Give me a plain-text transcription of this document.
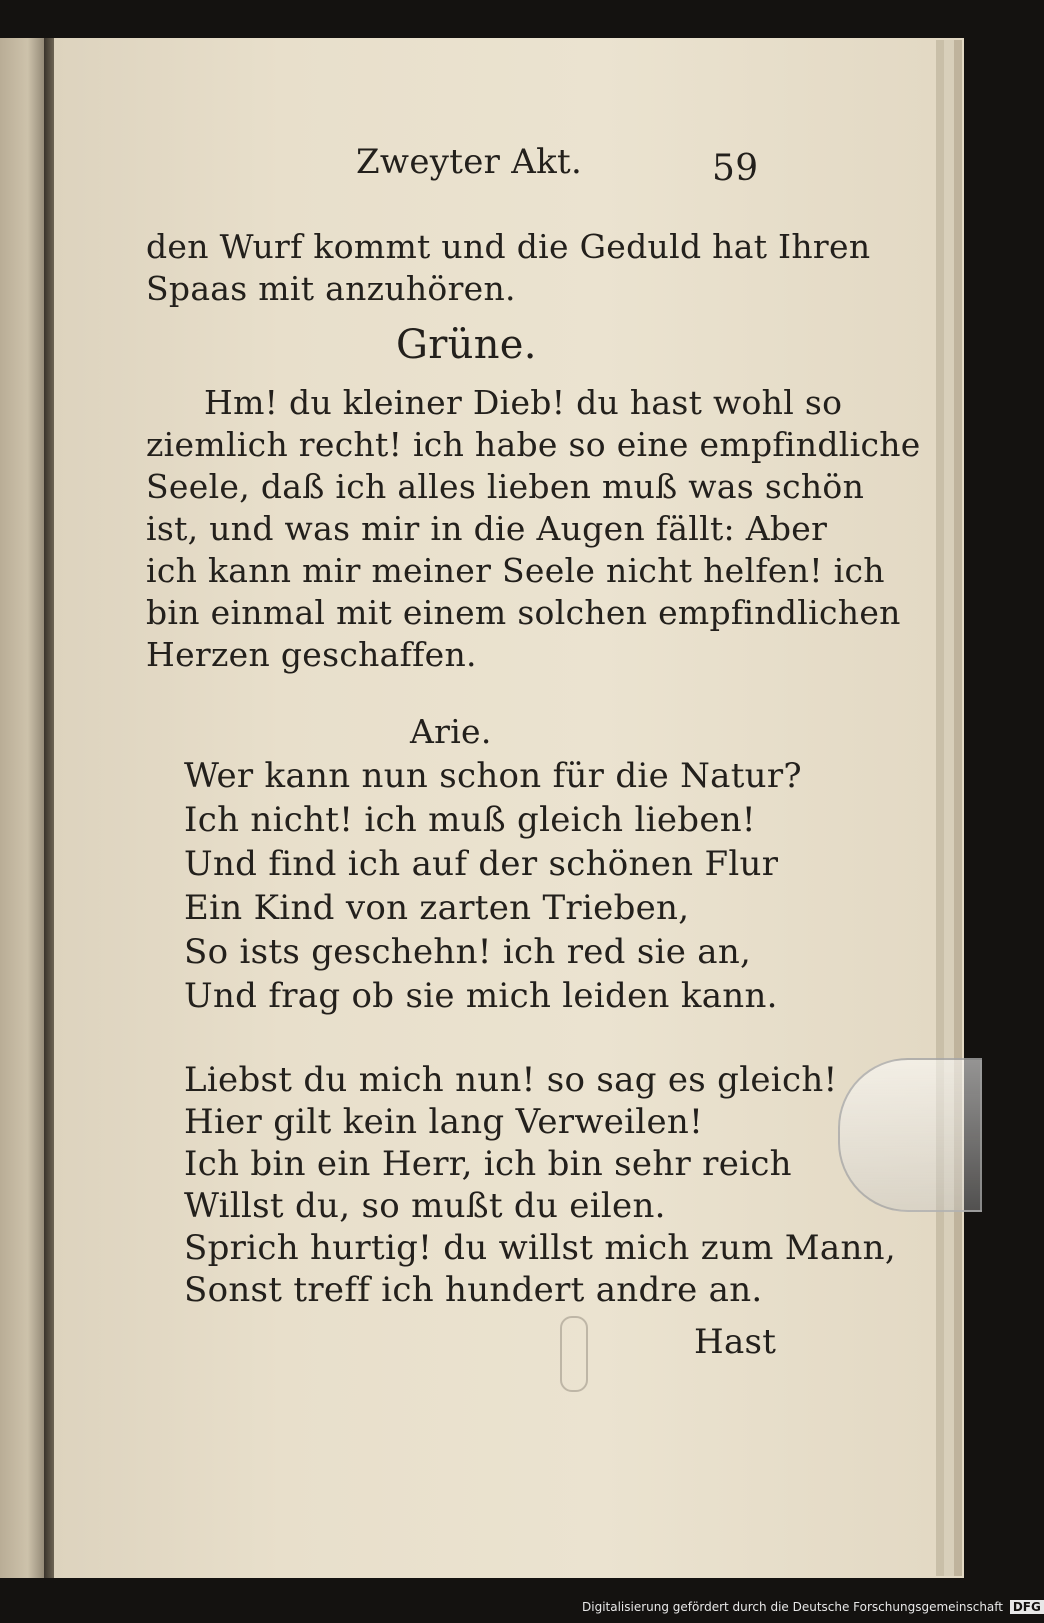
Zweyter Akt.	59
den Wurf kommt und die Geduld hat Ihren
Spaas mit anzuhören.
Grüne.
Hm! du kleiner Dieb! du hast wohl so
ziemlich recht! ich habe so eine empfindliche
Seele, daß ich alles lieben muß was schön
ist, und was mir in die Augen fällt: Aber
ich kann mir meiner Seele nicht helfen! ich
bin einmal mit einem solchen empfindlichen
Herzen geschaffen.
Arie.
Wer kann nun schon für die Natur?
Ich nicht! ich muß gleich lieben!
Und find ich auf der schönen Flur
Ein Kind von zarten Trieben,
So ists geschehn! ich red sie an,
Und frag ob sie mich leiden kann.
Liebst du mich nun! so sag es gleich!
Hier gilt kein lang Verweilen!
Ich bin ein Herr, ich bin sehr reich
Willst du, so mußt du eilen.
Sprich hurtig! du willst mich zum Mann,
Sonst treff ich hundert andre an.
Hast
Digitalisierung gefördert durch die Deutsche Forschungsgemeinschaft DFG
